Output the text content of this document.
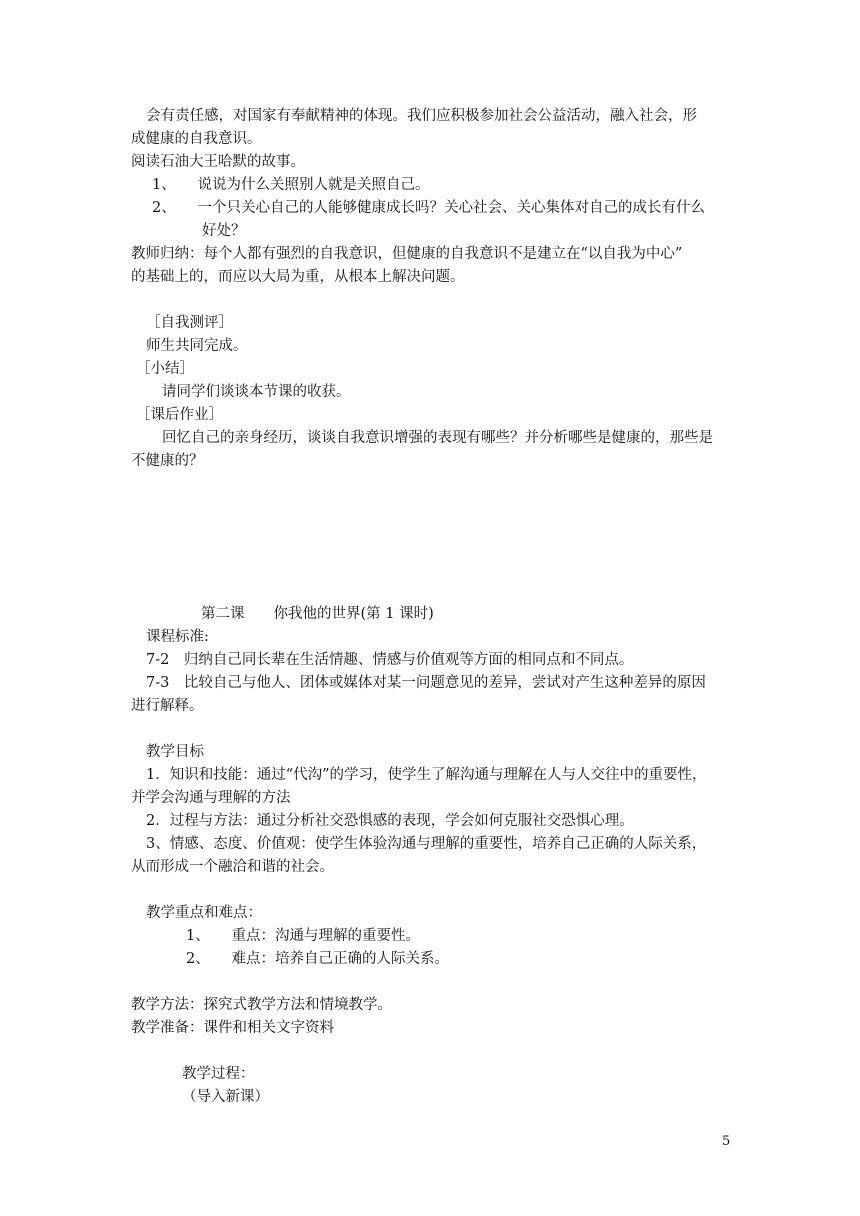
会有责任感，对国家有奉献精神的体现。我们应积极参加社会公益活动，融入社会，形
成健康的自我意识。
阅读石油大王哈默的故事。
1、　　说说为什么关照别人就是关照自己。
2、　　一个只关心自己的人能够健康成长吗？关心社会、关心集体对自己的成长有什么
好处？
教师归纳：每个人都有强烈的自我意识，但健康的自我意识不是建立在“以自我为中心”
的基础上的，而应以大局为重，从根本上解决问题。
［自我测评］
师生共同完成。
［小结］
请同学们谈谈本节课的收获。
［课后作业］
回忆自己的亲身经历，谈谈自我意识增强的表现有哪些？并分析哪些是健康的，那些是
不健康的？
第二课　　你我他的世界(第 1 课时)
课程标准:
7-2　归纳自己同长辈在生活情趣、情感与价值观等方面的相同点和不同点。
7-3　比较自己与他人、团体或媒体对某一问题意见的差异，尝试对产生这种差异的原因
进行解释。
教学目标
1．知识和技能：通过“代沟”的学习，使学生了解沟通与理解在人与人交往中的重要性，
并学会沟通与理解的方法
2．过程与方法：通过分析社交恐惧感的表现，学会如何克服社交恐惧心理。
3、情感、态度、价值观：使学生体验沟通与理解的重要性，培养自己正确的人际关系，
从而形成一个融洽和谐的社会。
教学重点和难点：
1、　　重点：沟通与理解的重要性。
2、　　难点：培养自己正确的人际关系。
教学方法：探究式教学方法和情境教学。
教学准备：课件和相关文字资料
教学过程：
（导入新课）
5
